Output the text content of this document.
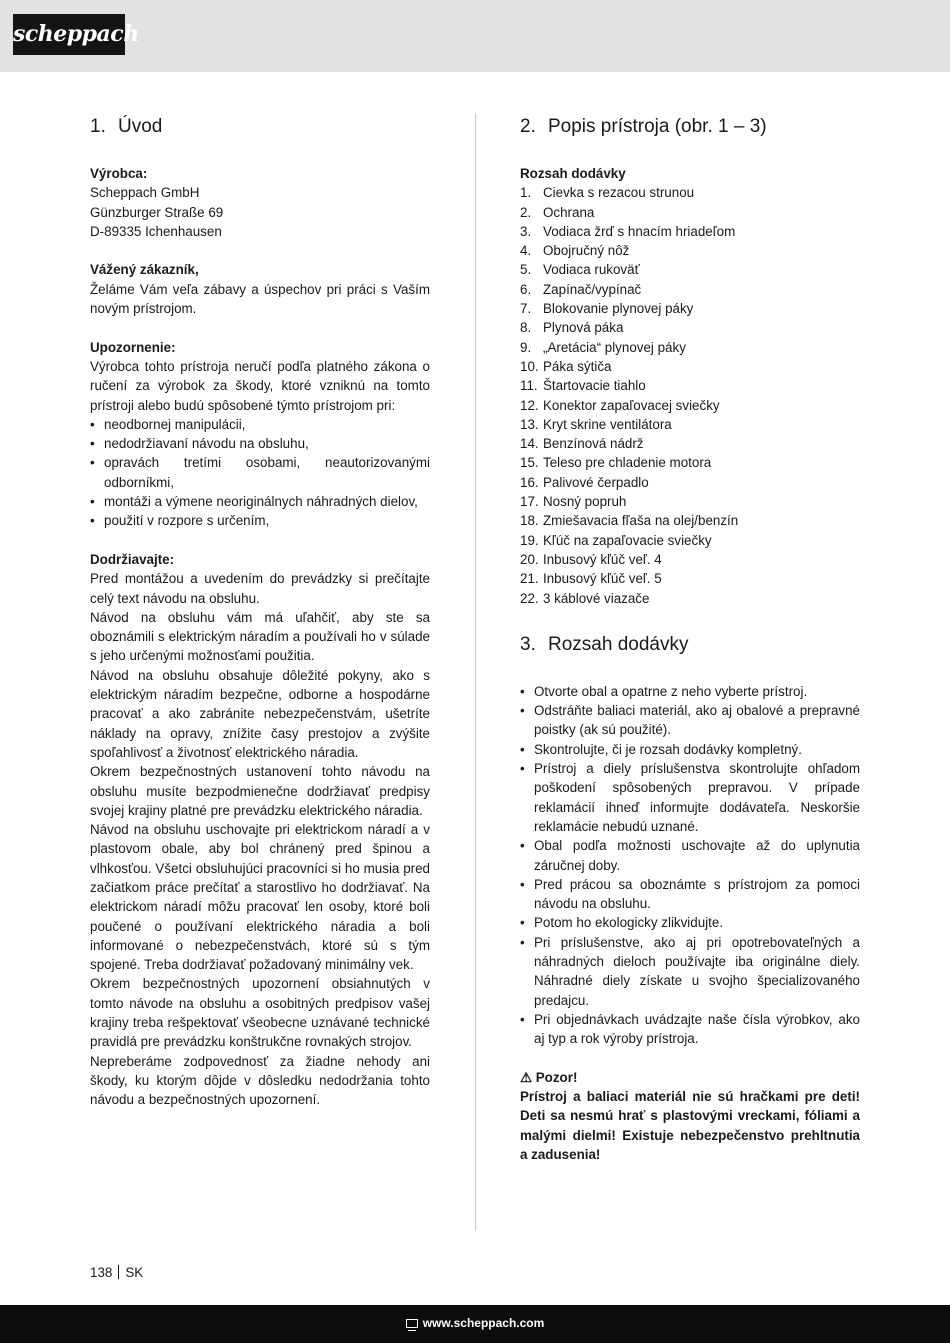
scheppach
1. Úvod
Výrobca:
Scheppach GmbH
Günzburger Straße 69
D-89335 Ichenhausen
Vážený zákazník,

Želáme Vám veľa zábavy a úspechov pri práci s Vaším novým prístrojom.

Upozornenie:

Výrobca tohto prístroja neručí podľa platného zákona o ručení za výrobok za škody, ktoré vzniknú na tomto prístroji alebo budú spôsobené týmto prístrojom pri:

• neodbornej manipulácii,
• nedodržiavaní návodu na obsluhu,
• opravách tretími osobami, neautorizovanými odborníkmi,
• montáži a výmene neoriginálnych náhradných dielov,
• použití v rozpore s určením,
Dodržiavajte:

Pred montážou a uvedením do prevádzky si prečítajte celý text návodu na obsluhu.

Návod na obsluhu vám má uľahčiť, aby ste sa oboznámili s elektrickým náradím a používali ho v súlade s jeho určenými možnosťami použitia.

Návod na obsluhu obsahuje dôležité pokyny, ako s elektrickým náradím bezpečne, odborne a hospodárne pracovať a ako zabránite nebezpečenstvám, ušetríte náklady na opravy, znížite časy prestojov a zvýšite spoľahlivosť a životnosť elektrického náradia.

Okrem bezpečnostných ustanovení tohto návodu na obsluhu musíte bezpodmienečne dodržiavať predpisy svojej krajiny platné pre prevádzku elektrického náradia.

Návod na obsluhu uschovajte pri elektrickom náradí a v plastovom obale, aby bol chránený pred špinou a vlhkosťou. Všetci obsluhujúci pracovníci si ho musia pred začiatkom práce prečítať a starostlivo ho dodržiavať. Na elektrickom náradí môžu pracovať len osoby, ktoré boli poučené o používaní elektrického náradia a boli informované o nebezpečenstvách, ktoré sú s tým spojené. Treba dodržiavať požadovaný minimálny vek.

Okrem bezpečnostných upozornení obsiahnutých v tomto návode na obsluhu a osobitných predpisov vašej krajiny treba rešpektovať všeobecne uznávané technické pravidlá pre prevádzku konštrukčne rovnakých strojov.

Nepreberáme zodpovednosť za žiadne nehody ani škody, ku ktorým dôjde v dôsledku nedodržania tohto návodu a bezpečnostných upozornení.

2. Popis prístroja (obr. 1 – 3)
Rozsah dodávky
1. Cievka s rezacou strunou
2. Ochrana
3. Vodiaca žrď s hnacím hriadeľom
4. Obojručný nôž
5. Vodiaca rukoväť
6. Zapínač/vypínač
7. Blokovanie plynovej páky
8. Plynová páka
9. „Aretácia“ plynovej páky
10. Páka sýtiča
11. Štartovacie tiahlo
12. Konektor zapaľovacej sviečky
13. Kryt skrine ventilátora
14. Benzínová nádrž
15. Teleso pre chladenie motora
16. Palivové čerpadlo
17. Nosný popruh
18. Zmiešavacia fľaša na olej/benzín
19. Kľúč na zapaľovacie sviečky
20. Inbusový kľúč veľ. 4
21. Inbusový kľúč veľ. 5
22. 3 káblové viazače
3. Rozsah dodávky
• Otvorte obal a opatrne z neho vyberte prístroj.
• Odstráňte baliaci materiál, ako aj obalové a prepravné poistky (ak sú použité).
• Skontrolujte, či je rozsah dodávky kompletný.
• Prístroj a diely príslušenstva skontrolujte ohľadom poškodení spôsobených prepravou. V prípade reklamácií ihneď informujte dodávateľa. Neskoršie reklamácie nebudú uznané.
• Obal podľa možnosti uschovajte až do uplynutia záručnej doby.
• Pred prácou sa oboznámte s prístrojom za pomoci návodu na obsluhu.
• Potom ho ekologicky zlikvidujte.
• Pri príslušenstve, ako aj pri opotrebovateľných a náhradných dieloch používajte iba originálne diely. Náhradné diely získate u svojho špecializovaného predajcu.
• Pri objednávkach uvádzajte naše čísla výrobkov, ako aj typ a rok výroby prístroja.
⚠ Pozor!

Prístroj a baliaci materiál nie sú hračkami pre deti! Deti sa nesmú hrať s plastovými vreckami, fóliami a malými dielmi! Existuje nebezpečenstvo prehltnutia a zadusenia!

138 SK
www.scheppach.com
